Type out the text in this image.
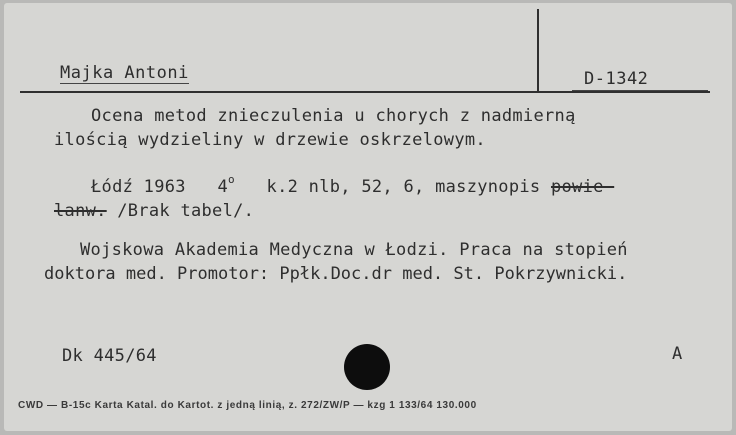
Majka Antoni	D-1342
Ocena metod znieczulenia u chorych z nadmierną
ilością wydzieliny w drzewie oskrzelowym.
Łódź 1963 4$^o$ k.2 nlb, 52, 6, maszynopis powie-
lanw. /Brak tabel/.
Wojskowa Akademia Medyczna w Łodzi. Praca na stopień
doktora med. Promotor: Ppłk.Doc.dr med. St. Pokrzywnicki.
Dk 445/64	A
CWD — B-15c Karta Katal. do Kartot. z jedną linią, z. 272/ZW/P — kzg 1 133/64 130.000
